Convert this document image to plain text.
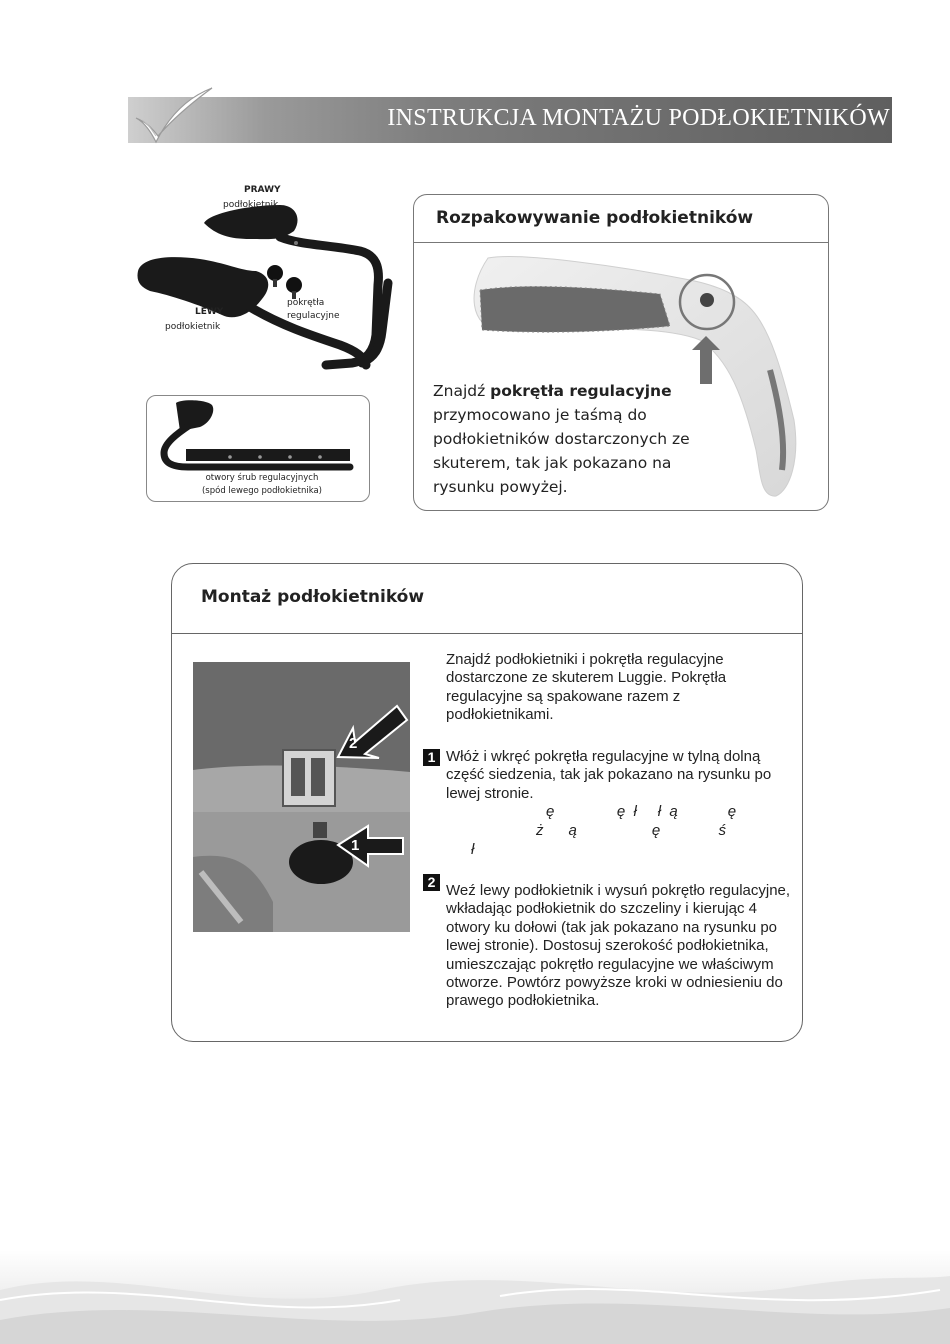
INSTRUKCJA MONTAŻU PODŁOKIETNIKÓW
PRAWY
podłokietnik
LEWY
podłokietnik
pokrętła
regulacyjne
otwory śrub regulacyjnych
(spód lewego podłokietnika)
Rozpakowywanie podłokietników
Znajdź pokrętła regulacyjne
przymocowano je taśmą do podłokietników dostarczonych ze skuterem, tak jak pokazano na rysunku powyżej.
Montaż podłokietników
2
1
Znajdź podłokietniki i pokrętła regulacyjne dostarczone ze skuterem Luggie. Pokrętła regulacyjne są spakowane razem z podłokietnikami.
1 Włóż i wkręć pokrętła regulacyjne w tylną dolną część siedzenia, tak jak pokazano na rysunku po lewej stronie.
ę               ę  ł     ł  ą            ę
ż      ą                  ę              ś
ł
2 Weź lewy podłokietnik i wysuń pokrętło regulacyjne, wkładając podłokietnik do szczeliny i kierując 4 otwory ku dołowi (tak jak pokazano na rysunku po lewej stronie). Dostosuj szerokość podłokietnika, umieszczając pokrętło regulacyjne we właściwym otworze. Powtórz powyższe kroki w odniesieniu do prawego podłokietnika.
